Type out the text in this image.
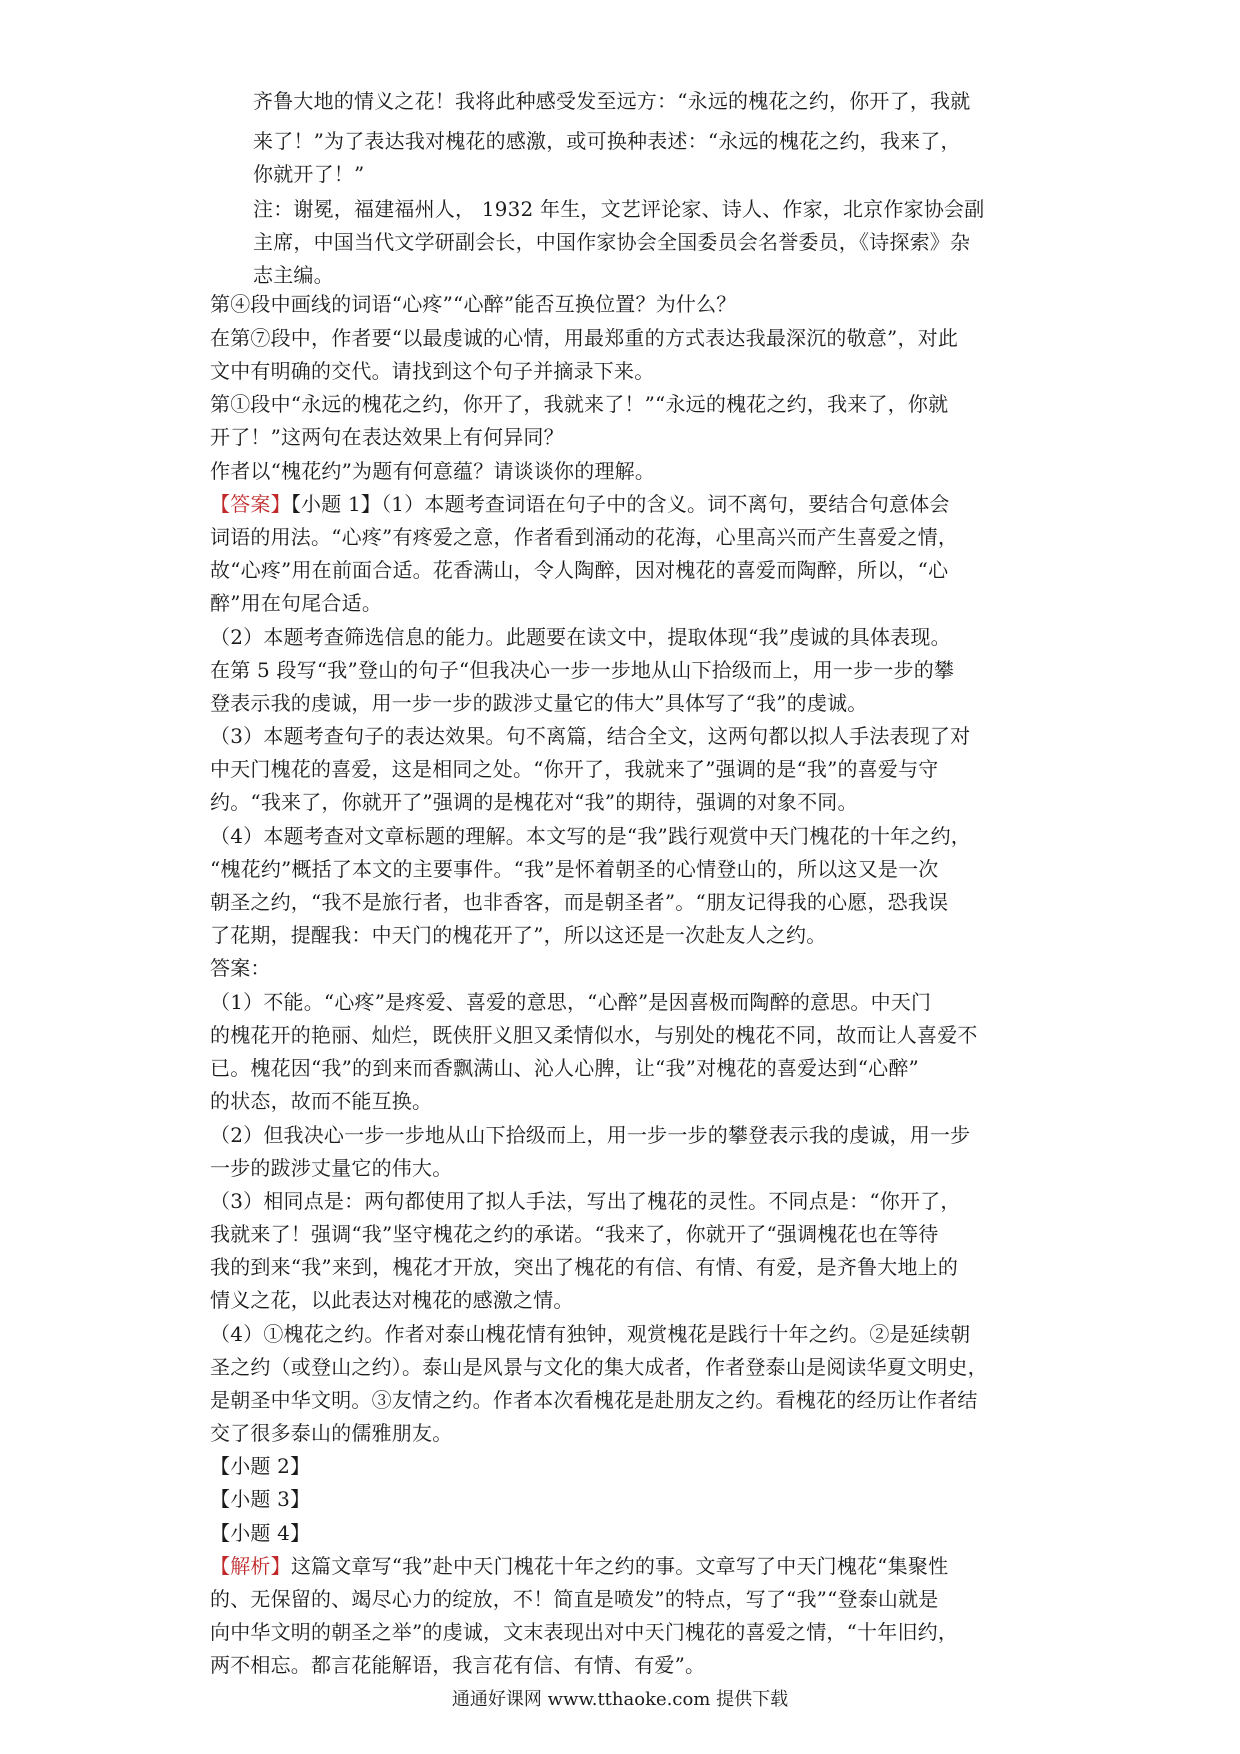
齐鲁大地的情义之花！我将此种感受发至远方：“永远的槐花之约，你开了，我就
来了！”为了表达我对槐花的感激，或可换种表述：“永远的槐花之约，我来了，
你就开了！”
注：谢冕，福建福州人， 1932 年生，文艺评论家、诗人、作家，北京作家协会副
主席，中国当代文学研副会长，中国作家协会全国委员会名誉委员，《诗探索》杂
志主编。
第④段中画线的词语“心疼”“心醉”能否互换位置？为什么？
在第⑦段中，作者要“以最虔诚的心情，用最郑重的方式表达我最深沉的敬意”，对此
文中有明确的交代。请找到这个句子并摘录下来。
第①段中“永远的槐花之约，你开了，我就来了！”“永远的槐花之约，我来了，你就
开了！”这两句在表达效果上有何异同？
作者以“槐花约”为题有何意蕴？请谈谈你的理解。
【答案】【小题 1】（1）本题考查词语在句子中的含义。词不离句，要结合句意体会
词语的用法。“心疼”有疼爱之意，作者看到涌动的花海，心里高兴而产生喜爱之情，
故“心疼”用在前面合适。花香满山，令人陶醉，因对槐花的喜爱而陶醉，所以，“心
醉”用在句尾合适。
（2）本题考查筛选信息的能力。此题要在读文中，提取体现“我”虔诚的具体表现。
在第 5 段写“我”登山的句子“但我决心一步一步地从山下拾级而上，用一步一步的攀
登表示我的虔诚，用一步一步的跋涉丈量它的伟大”具体写了“我”的虔诚。
（3）本题考查句子的表达效果。句不离篇，结合全文，这两句都以拟人手法表现了对
中天门槐花的喜爱，这是相同之处。“你开了，我就来了”强调的是“我”的喜爱与守
约。“我来了，你就开了”强调的是槐花对“我”的期待，强调的对象不同。
（4）本题考查对文章标题的理解。本文写的是“我”践行观赏中天门槐花的十年之约，
“槐花约”概括了本文的主要事件。“我”是怀着朝圣的心情登山的，所以这又是一次
朝圣之约，“我不是旅行者，也非香客，而是朝圣者”。“朋友记得我的心愿，恐我误
了花期，提醒我：中天门的槐花开了”，所以这还是一次赴友人之约。
答案：
（1）不能。“心疼”是疼爱、喜爱的意思，“心醉”是因喜极而陶醉的意思。中天门
的槐花开的艳丽、灿烂，既侠肝义胆又柔情似水，与别处的槐花不同，故而让人喜爱不
已。槐花因“我”的到来而香飘满山、沁人心脾，让“我”对槐花的喜爱达到“心醉”
的状态，故而不能互换。
（2）但我决心一步一步地从山下拾级而上，用一步一步的攀登表示我的虔诚，用一步
一步的跋涉丈量它的伟大。
（3）相同点是：两句都使用了拟人手法，写出了槐花的灵性。不同点是：“你开了，
我就来了！强调“我”坚守槐花之约的承诺。“我来了，你就开了“强调槐花也在等待
我的到来“我”来到，槐花才开放，突出了槐花的有信、有情、有爱，是齐鲁大地上的
情义之花，以此表达对槐花的感激之情。
（4）①槐花之约。作者对泰山槐花情有独钟，观赏槐花是践行十年之约。②是延续朝
圣之约（或登山之约）。泰山是风景与文化的集大成者，作者登泰山是阅读华夏文明史，
是朝圣中华文明。③友情之约。作者本次看槐花是赴朋友之约。看槐花的经历让作者结
交了很多泰山的儒雅朋友。
【小题 2】
【小题 3】
【小题 4】
【解析】这篇文章写“我”赴中天门槐花十年之约的事。文章写了中天门槐花“集聚性
的、无保留的、竭尽心力的绽放，不！简直是喷发”的特点，写了“我”“登泰山就是
向中华文明的朝圣之举”的虔诚，文末表现出对中天门槐花的喜爱之情，“十年旧约，
两不相忘。都言花能解语，我言花有信、有情、有爱”。
通通好课网 www.tthaoke.com 提供下载
